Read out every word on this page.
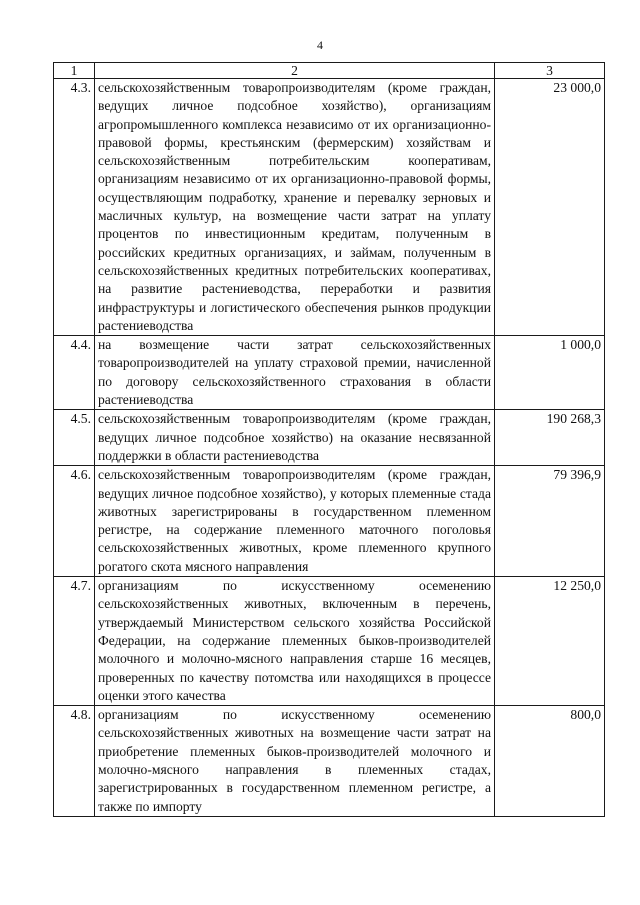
4
1	2	3
4.3.	сельскохозяйственным товаропроизводителям (кроме граждан, ведущих личное подсобное хозяйство), организациям агропромышленного комплекса независимо от их организационно-правовой формы, крестьянским (фермерским) хозяйствам и сельскохозяйственным потребительским кооперативам, организациям независимо от их организационно-правовой формы, осуществляющим подработку, хранение и перевалку зерновых и масличных культур, на возмещение части затрат на уплату процентов по инвестиционным кредитам, полученным в российских кредитных организациях, и займам, полученным в сельскохозяйственных кредитных потребительских кооперативах, на развитие растениеводства, переработки и развития инфраструктуры и логистического обеспечения рынков продукции растениеводства	23 000,0
4.4.	на возмещение части затрат сельскохозяйственных товаропроизводителей на уплату страховой премии, начисленной по договору сельскохозяйственного страхования в области растениеводства	1 000,0
4.5.	сельскохозяйственным товаропроизводителям (кроме граждан, ведущих личное подсобное хозяйство) на оказание несвязанной поддержки в области растениеводства	190 268,3
4.6.	сельскохозяйственным товаропроизводителям (кроме граждан, ведущих личное подсобное хозяйство), у которых племенные стада животных зарегистрированы в государственном племенном регистре, на содержание племенного маточного поголовья сельскохозяйственных животных, кроме племенного крупного рогатого скота мясного направления	79 396,9
4.7.	организациям по искусственному осеменению сельскохозяйственных животных, включенным в перечень, утверждаемый Министерством сельского хозяйства Российской Федерации, на содержание племенных быков-производителей молочного и молочно-мясного направления старше 16 месяцев, проверенных по качеству потомства или находящихся в процессе оценки этого качества	12 250,0
4.8.	организациям по искусственному осеменению сельскохозяйственных животных на возмещение части затрат на приобретение племенных быков-производителей молочного и молочно-мясного направления в племенных стадах, зарегистрированных в государственном племенном регистре, а также по импорту	800,0
